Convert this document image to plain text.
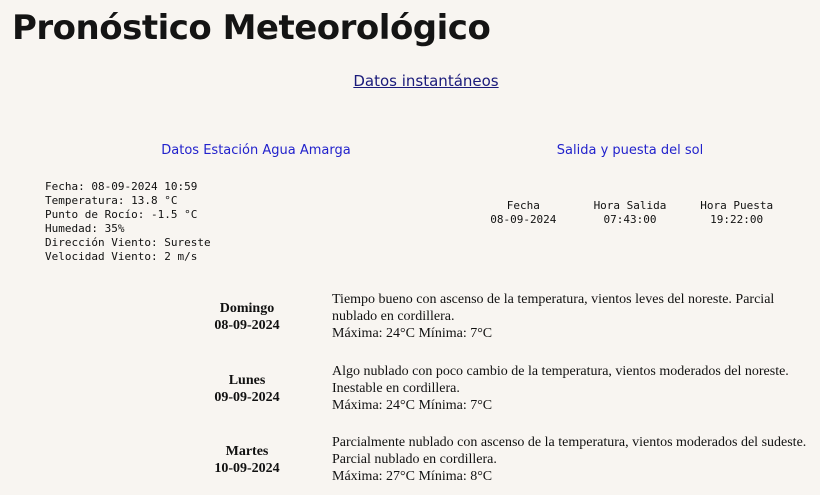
Pronóstico Meteorológico
Datos instantáneos
Datos Estación Agua Amarga	Salida y puesta del sol
Fecha: 08-09-2024 10:59
Temperatura: 13.8 °C
Punto de Rocío: -1.5 °C
Humedad: 35%
Dirección Viento: Sureste
Velocidad Viento: 2 m/s
Fecha	Hora Salida	Hora Puesta
08-09-2024	07:43:00	19:22:00
Domingo
08-09-2024
Tiempo bueno con ascenso de la temperatura, vientos leves del noreste. Parcial nublado en cordillera.
Máxima: 24°C Mínima: 7°C
Lunes
09-09-2024
Algo nublado con poco cambio de la temperatura, vientos moderados del noreste. Inestable en cordillera.
Máxima: 24°C Mínima: 7°C
Martes
10-09-2024
Parcialmente nublado con ascenso de la temperatura, vientos moderados del sudeste. Parcial nublado en cordillera.
Máxima: 27°C Mínima: 8°C
